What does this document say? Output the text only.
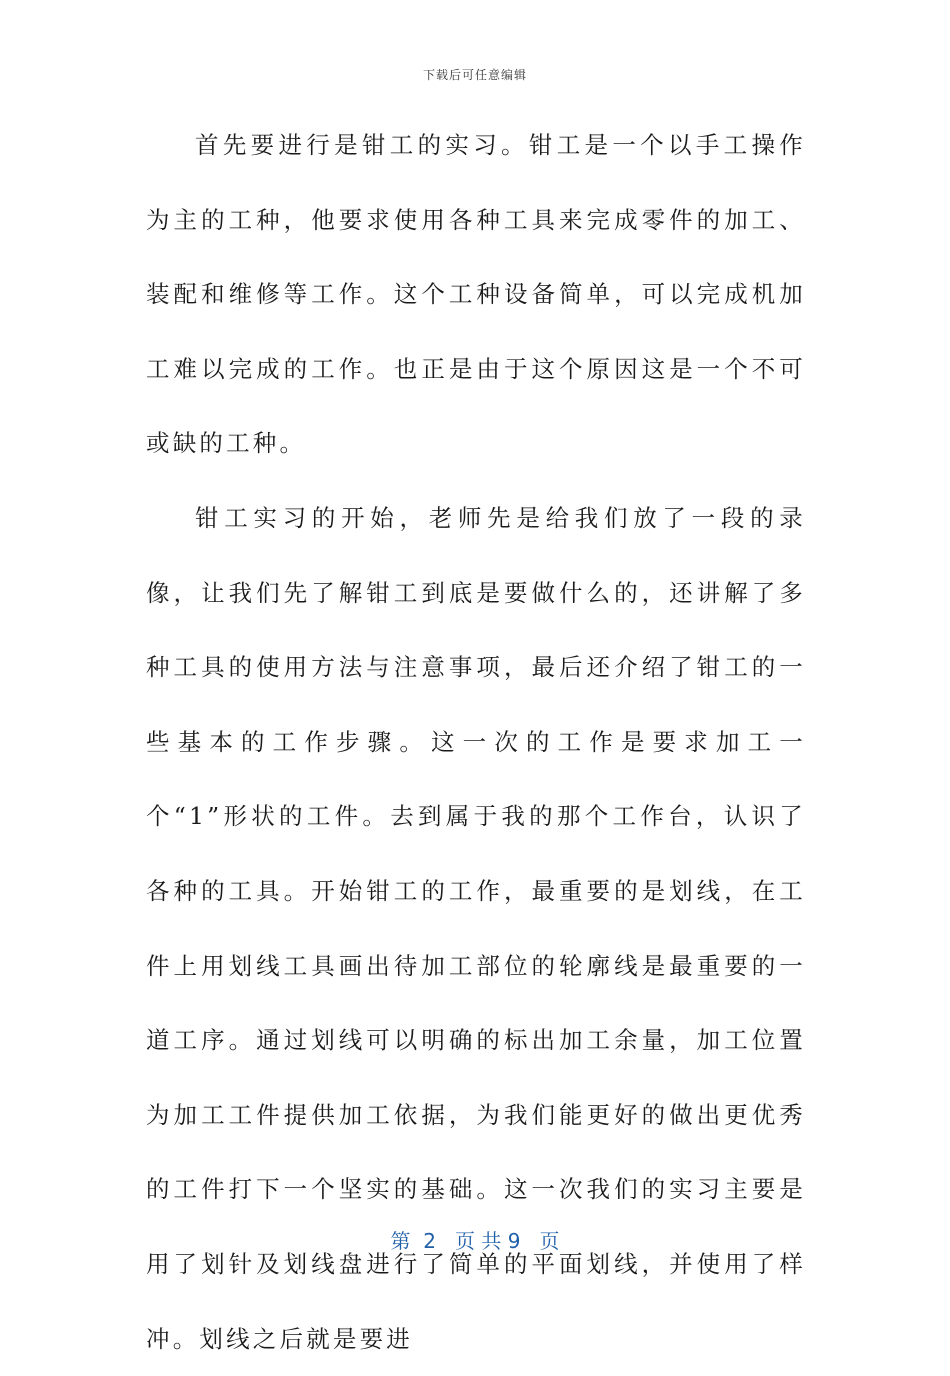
下载后可任意编辑

首先要进行是钳工的实习。钳工是一个以手工操作为主的工种，他要求使用各种工具来完成零件的加工、装配和维修等工作。这个工种设备简单，可以完成机加工难以完成的工作。也正是由于这个原因这是一个不可或缺的工种。

钳工实习的开始，老师先是给我们放了一段的录像，让我们先了解钳工到底是要做什么的，还讲解了多种工具的使用方法与注意事项，最后还介绍了钳工的一些基本的工作步骤。这一次的工作是要求加工一个“1”形状的工件。去到属于我的那个工作台，认识了各种的工具。开始钳工的工作，最重要的是划线，在工件上用划线工具画出待加工部位的轮廓线是最重要的一道工序。通过划线可以明确的标出加工余量，加工位置为加工工件提供加工依据，为我们能更好的做出更优秀的工件打下一个坚实的基础。这一次我们的实习主要是用了划针及划线盘进行了简单的平面划线，并使用了样冲。划线之后就是要进

第  2   页 共 9   页
